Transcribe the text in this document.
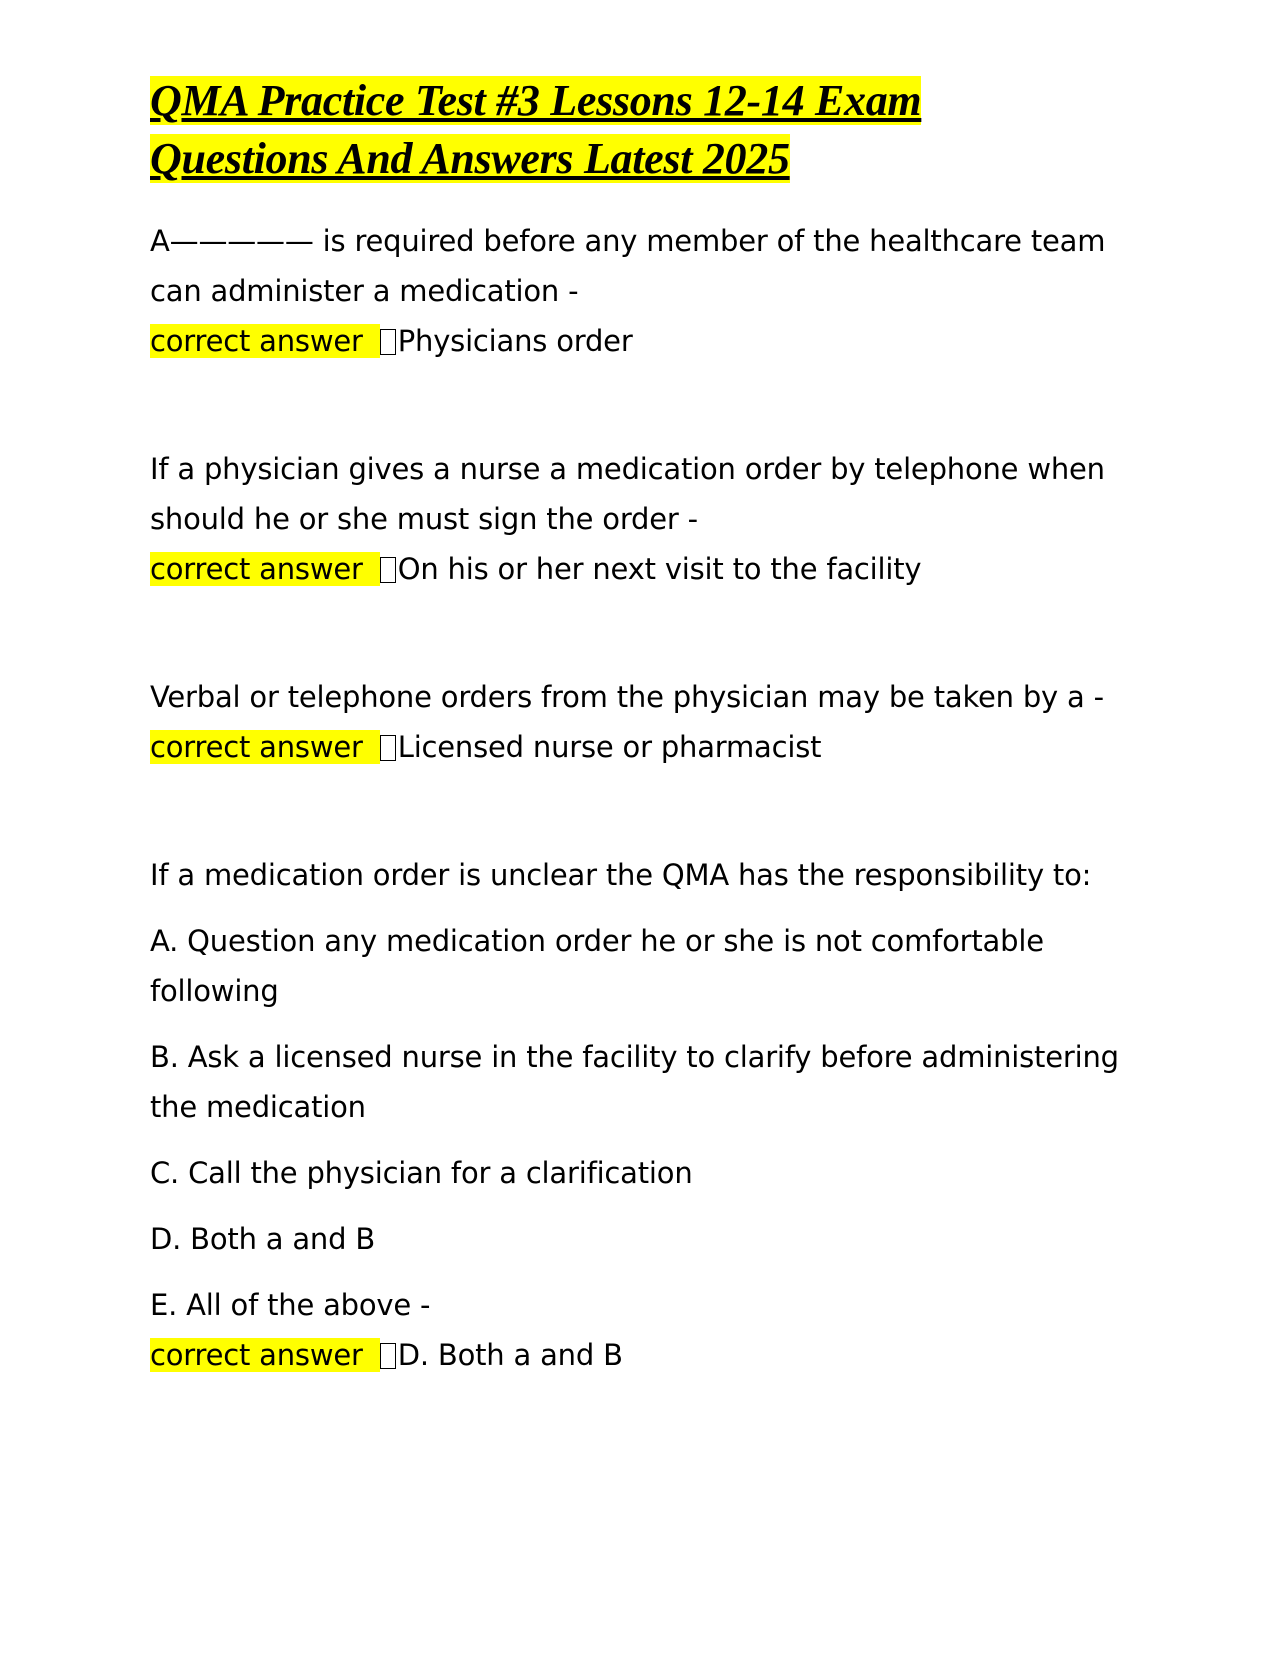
QMA Practice Test #3 Lessons 12-14 Exam
Questions And Answers Latest 2025

A————— is required before any member of the healthcare team can administer a medication -

correct answer Physicians order

If a physician gives a nurse a medication order by telephone when should he or she must sign the order -

correct answer On his or her next visit to the facility

Verbal or telephone orders from the physician may be taken by a -

correct answer Licensed nurse or pharmacist

If a medication order is unclear the QMA has the responsibility to:

A. Question any medication order he or she is not comfortable following

B. Ask a licensed nurse in the facility to clarify before administering the medication

C. Call the physician for a clarification

D. Both a and B

E. All of the above -

correct answer D. Both a and B
